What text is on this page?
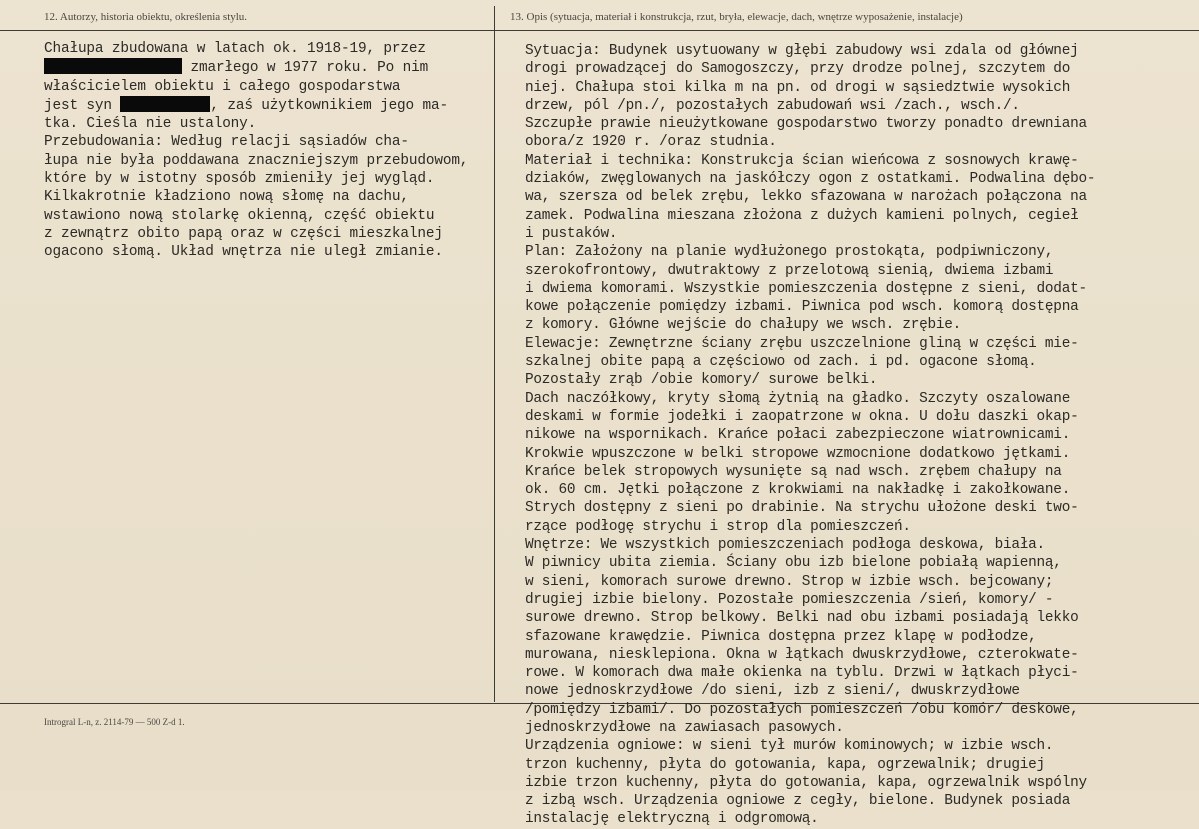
12. Autorzy, historia obiektu, określenia stylu.	13. Opis (sytuacja, materiał i konstrukcja, rzut, bryła, elewacje, dach, wnętrze wyposażenie, instalacje)
Chałupa zbudowana w latach ok. 1918-19, przez
zmarłego w 1977 roku. Po nim
właścicielem obiektu i całego gospodarstwa
jest syn	, zaś użytkownikiem jego ma-
tka. Cieśla nie ustalony.
Przebudowania: Według relacji sąsiadów cha-
łupa nie była poddawana znaczniejszym przebudowom,
które by w istotny sposób zmieniły jej wygląd.
Kilkakrotnie kładziono nową słomę na dachu,
wstawiono nową stolarkę okienną, część obiektu
z zewnątrz obito papą oraz w części mieszkalnej
ogacono słomą. Układ wnętrza nie uległ zmianie.
Sytuacja: Budynek usytuowany w głębi zabudowy wsi zdala od głównej
drogi prowadzącej do Samogoszczy, przy drodze polnej, szczytem do
niej. Chałupa stoi kilka m na pn. od drogi w sąsiedztwie wysokich
drzew, pól /pn./, pozostałych zabudowań wsi /zach., wsch./.
Szczupłe prawie nieużytkowane gospodarstwo tworzy ponadto drewniana
obora/z 1920 r. /oraz studnia.
Materiał i technika: Konstrukcja ścian wieńcowa z sosnowych krawę-
dziaków, zwęglowanych na jaskółczy ogon z ostatkami. Podwalina dębo-
wa, szersza od belek zrębu, lekko sfazowana w narożach połączona na
zamek. Podwalina mieszana złożona z dużych kamieni polnych, cegieł
i pustaków.
Plan: Założony na planie wydłużonego prostokąta, podpiwniczony,
szerokofrontowy, dwutraktowy z przelotową sienią, dwiema izbami
i dwiema komorami. Wszystkie pomieszczenia dostępne z sieni, dodat-
kowe połączenie pomiędzy izbami. Piwnica pod wsch. komorą dostępna
z komory. Główne wejście do chałupy we wsch. zrębie.
Elewacje: Zewnętrzne ściany zrębu uszczelnione gliną w części mie-
szkalnej obite papą a częściowo od zach. i pd. ogacone słomą.
Pozostały zrąb /obie komory/ surowe belki.
Dach naczółkowy, kryty słomą żytnią na gładko. Szczyty oszalowane
deskami w formie jodełki i zaopatrzone w okna. U dołu daszki okap-
nikowe na wspornikach. Krańce połaci zabezpieczone wiatrownicami.
Krokwie wpuszczone w belki stropowe wzmocnione dodatkowo jętkami.
Krańce belek stropowych wysunięte są nad wsch. zrębem chałupy na
ok. 60 cm. Jętki połączone z krokwiami na nakładkę i zakołkowane.
Strych dostępny z sieni po drabinie. Na strychu ułożone deski two-
rzące podłogę strychu i strop dla pomieszczeń.
Wnętrze: We wszystkich pomieszczeniach podłoga deskowa, biała.
W piwnicy ubita ziemia. Ściany obu izb bielone pobiałą wapienną,
w sieni, komorach surowe drewno. Strop w izbie wsch. bejcowany;
drugiej izbie bielony. Pozostałe pomieszczenia /sień, komory/ -
surowe drewno. Strop belkowy. Belki nad obu izbami posiadają lekko
sfazowane krawędzie. Piwnica dostępna przez klapę w podłodze,
murowana, niesklepiona. Okna w łątkach dwuskrzydłowe, czterokwate-
rowe. W komorach dwa małe okienka na tyblu. Drzwi w łątkach płyci-
nowe jednoskrzydłowe /do sieni, izb z sieni/, dwuskrzydłowe
/pomiędzy izbami/. Do pozostałych pomieszczeń /obu komór/ deskowe,
jednoskrzydłowe na zawiasach pasowych.
Urządzenia ogniowe: w sieni tył murów kominowych; w izbie wsch.
trzon kuchenny, płyta do gotowania, kapa, ogrzewalnik; drugiej
izbie trzon kuchenny, płyta do gotowania, kapa, ogrzewalnik wspólny
z izbą wsch. Urządzenia ogniowe z cegły, bielone. Budynek posiada
instalację elektryczną i odgromową.
Introgral L-n, z. 2114-79 — 500 Z-d 1.
